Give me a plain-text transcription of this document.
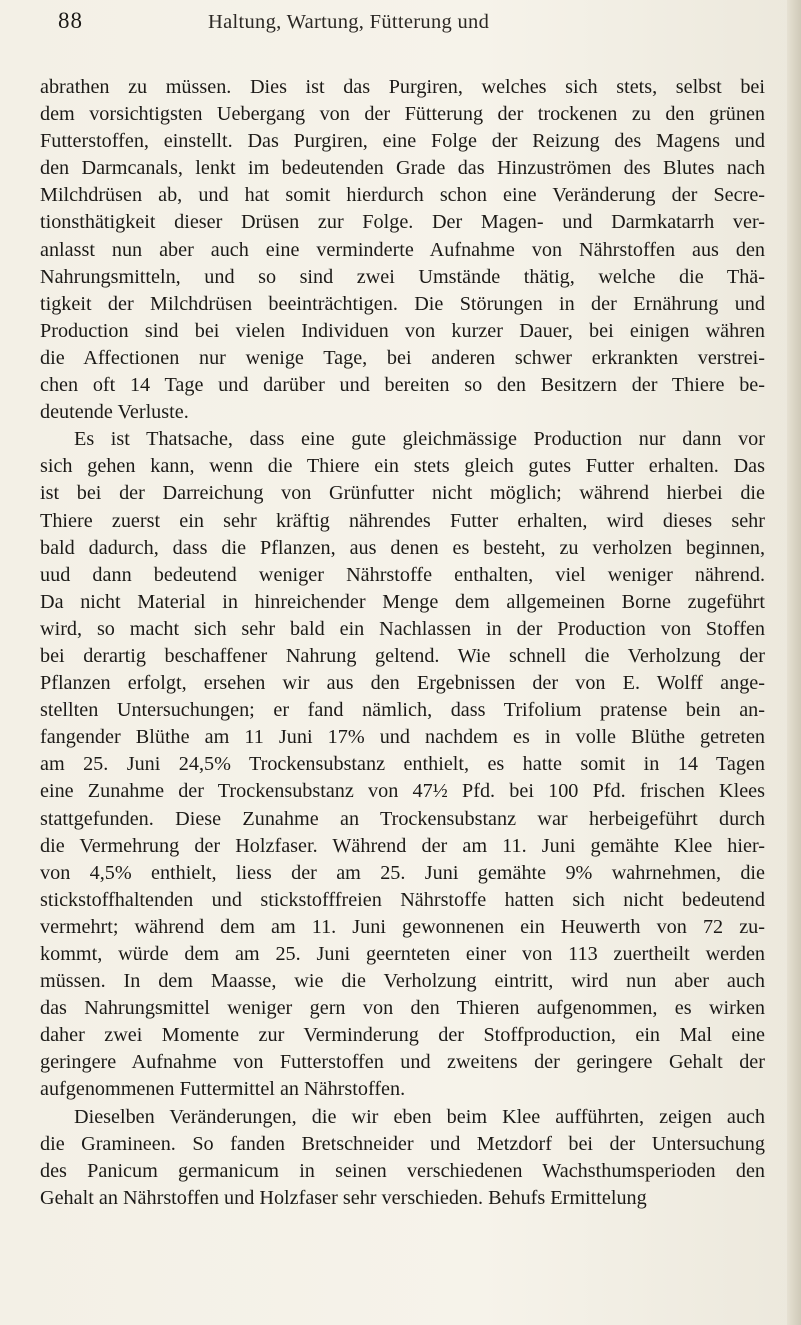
88	Haltung, Wartung, Fütterung und
abrathen zu müssen. Dies ist das Purgiren, welches sich stets, selbst bei
dem vorsichtigsten Uebergang von der Fütterung der trockenen zu den grünen
Futterstoffen, einstellt. Das Purgiren, eine Folge der Reizung des Magens und
den Darmcanals, lenkt im bedeutenden Grade das Hinzuströmen des Blutes nach
Milchdrüsen ab, und hat somit hierdurch schon eine Veränderung der Secre-
tionsthätigkeit dieser Drüsen zur Folge. Der Magen- und Darmkatarrh ver-
anlasst nun aber auch eine verminderte Aufnahme von Nährstoffen aus den
Nahrungsmitteln, und so sind zwei Umstände thätig, welche die Thä-
tigkeit der Milchdrüsen beeinträchtigen. Die Störungen in der Ernährung und
Production sind bei vielen Individuen von kurzer Dauer, bei einigen währen
die Affectionen nur wenige Tage, bei anderen schwer erkrankten verstrei-
chen oft 14 Tage und darüber und bereiten so den Besitzern der Thiere be-
deutende Verluste.
Es ist Thatsache, dass eine gute gleichmässige Production nur dann vor
sich gehen kann, wenn die Thiere ein stets gleich gutes Futter erhalten. Das
ist bei der Darreichung von Grünfutter nicht möglich; während hierbei die
Thiere zuerst ein sehr kräftig nährendes Futter erhalten, wird dieses sehr
bald dadurch, dass die Pflanzen, aus denen es besteht, zu verholzen beginnen,
uud dann bedeutend weniger Nährstoffe enthalten, viel weniger nährend.
Da nicht Material in hinreichender Menge dem allgemeinen Borne zugeführt
wird, so macht sich sehr bald ein Nachlassen in der Production von Stoffen
bei derartig beschaffener Nahrung geltend. Wie schnell die Verholzung der
Pflanzen erfolgt, ersehen wir aus den Ergebnissen der von E. Wolff ange-
stellten Untersuchungen; er fand nämlich, dass Trifolium pratense bein an-
fangender Blüthe am 11 Juni 17% und nachdem es in volle Blüthe getreten
am 25. Juni 24,5% Trockensubstanz enthielt, es hatte somit in 14 Tagen
eine Zunahme der Trockensubstanz von 47½ Pfd. bei 100 Pfd. frischen Klees
stattgefunden. Diese Zunahme an Trockensubstanz war herbeigeführt durch
die Vermehrung der Holzfaser. Während der am 11. Juni gemähte Klee hier-
von 4,5% enthielt, liess der am 25. Juni gemähte 9% wahrnehmen, die
stickstoffhaltenden und stickstofffreien Nährstoffe hatten sich nicht bedeutend
vermehrt; während dem am 11. Juni gewonnenen ein Heuwerth von 72 zu-
kommt, würde dem am 25. Juni geernteten einer von 113 zuertheilt werden
müssen. In dem Maasse, wie die Verholzung eintritt, wird nun aber auch
das Nahrungsmittel weniger gern von den Thieren aufgenommen, es wirken
daher zwei Momente zur Verminderung der Stoffproduction, ein Mal eine
geringere Aufnahme von Futterstoffen und zweitens der geringere Gehalt der
aufgenommenen Futtermittel an Nährstoffen.
Dieselben Veränderungen, die wir eben beim Klee aufführten, zeigen auch
die Gramineen. So fanden Bretschneider und Metzdorf bei der Untersuchung
des Panicum germanicum in seinen verschiedenen Wachsthumsperioden den
Gehalt an Nährstoffen und Holzfaser sehr verschieden. Behufs Ermittelung
